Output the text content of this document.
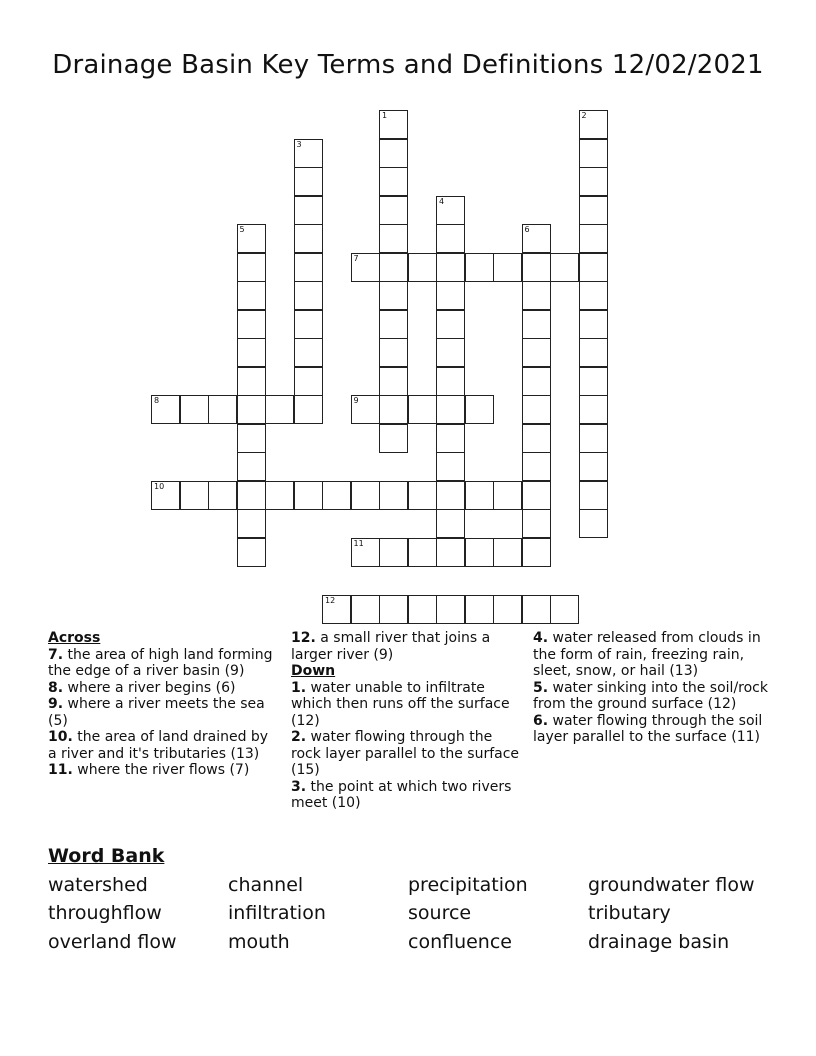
Drainage Basin Key Terms and Definitions 12/02/2021
1	2
3
4
5	6
7
8	9
10
11
12
Across
7. the area of high land forming the edge of a river basin (9)
8. where a river begins (6)
9. where a river meets the sea (5)
10. the area of land drained by a river and it's tributaries (13)
11. where the river flows (7)
12. a small river that joins a larger river (9)
Down
1. water unable to infiltrate which then runs off the surface (12)
2. water flowing through the rock layer parallel to the surface (15)
3. the point at which two rivers meet (10)
4. water released from clouds in the form of rain, freezing rain, sleet, snow, or hail (13)
5. water sinking into the soil/rock from the ground surface (12)
6. water flowing through the soil layer parallel to the surface (11)
Word Bank
watershed	channel	precipitation	groundwater flow
throughflow	infiltration	source	tributary
overland flow	mouth	confluence	drainage basin
